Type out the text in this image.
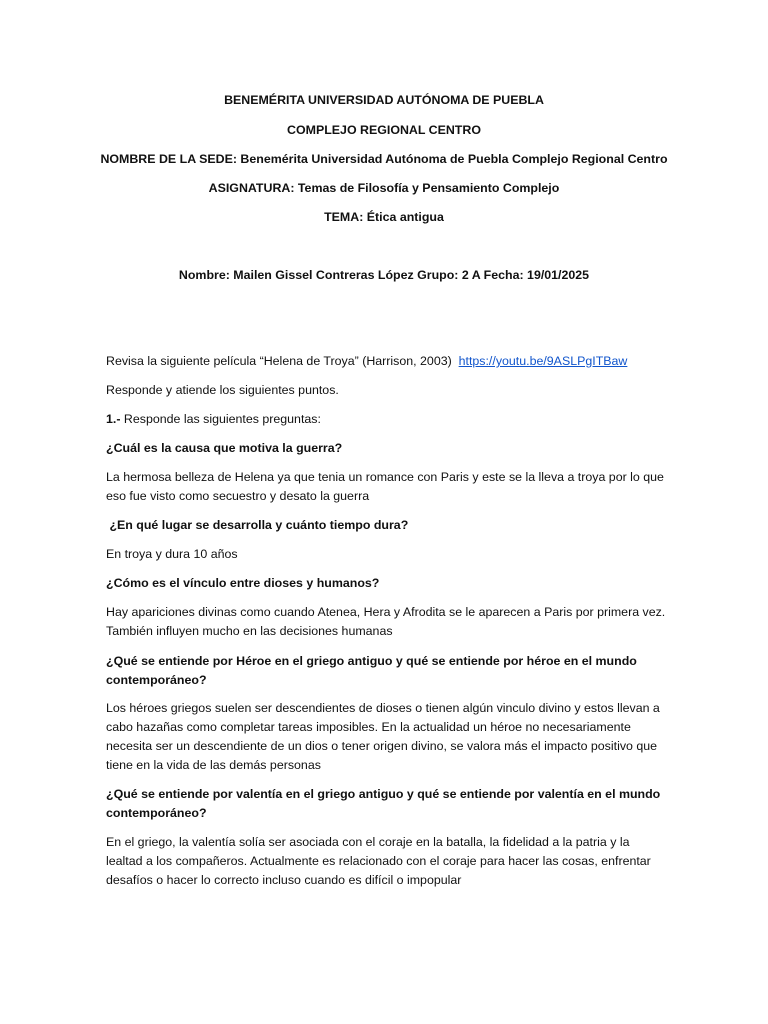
BENEMÉRITA UNIVERSIDAD AUTÓNOMA DE PUEBLA
COMPLEJO REGIONAL CENTRO
NOMBRE DE LA SEDE: Benemérita Universidad Autónoma de Puebla Complejo Regional Centro
ASIGNATURA: Temas de Filosofía y Pensamiento Complejo
TEMA: Ética antigua
Nombre: Mailen Gissel Contreras López Grupo: 2 A Fecha: 19/01/2025
Revisa la siguiente película “Helena de Troya” (Harrison, 2003) https://youtu.be/9ASLPgITBaw
Responde y atiende los siguientes puntos.
1.- Responde las siguientes preguntas:
¿Cuál es la causa que motiva la guerra?
La hermosa belleza de Helena ya que tenia un romance con Paris y este se la lleva a troya por lo que eso fue visto como secuestro y desato la guerra
¿En qué lugar se desarrolla y cuánto tiempo dura?
En troya y dura 10 años
¿Cómo es el vínculo entre dioses y humanos?
Hay apariciones divinas como cuando Atenea, Hera y Afrodita se le aparecen a Paris por primera vez. También influyen mucho en las decisiones humanas
¿Qué se entiende por Héroe en el griego antiguo y qué se entiende por héroe en el mundo contemporáneo?
Los héroes griegos suelen ser descendientes de dioses o tienen algún vinculo divino y estos llevan a cabo hazañas como completar tareas imposibles. En la actualidad un héroe no necesariamente necesita ser un descendiente de un dios o tener origen divino, se valora más el impacto positivo que tiene en la vida de las demás personas
¿Qué se entiende por valentía en el griego antiguo y qué se entiende por valentía en el mundo contemporáneo?
En el griego, la valentía solía ser asociada con el coraje en la batalla, la fidelidad a la patria y la lealtad a los compañeros. Actualmente es relacionado con el coraje para hacer las cosas, enfrentar desafíos o hacer lo correcto incluso cuando es difícil o impopular
